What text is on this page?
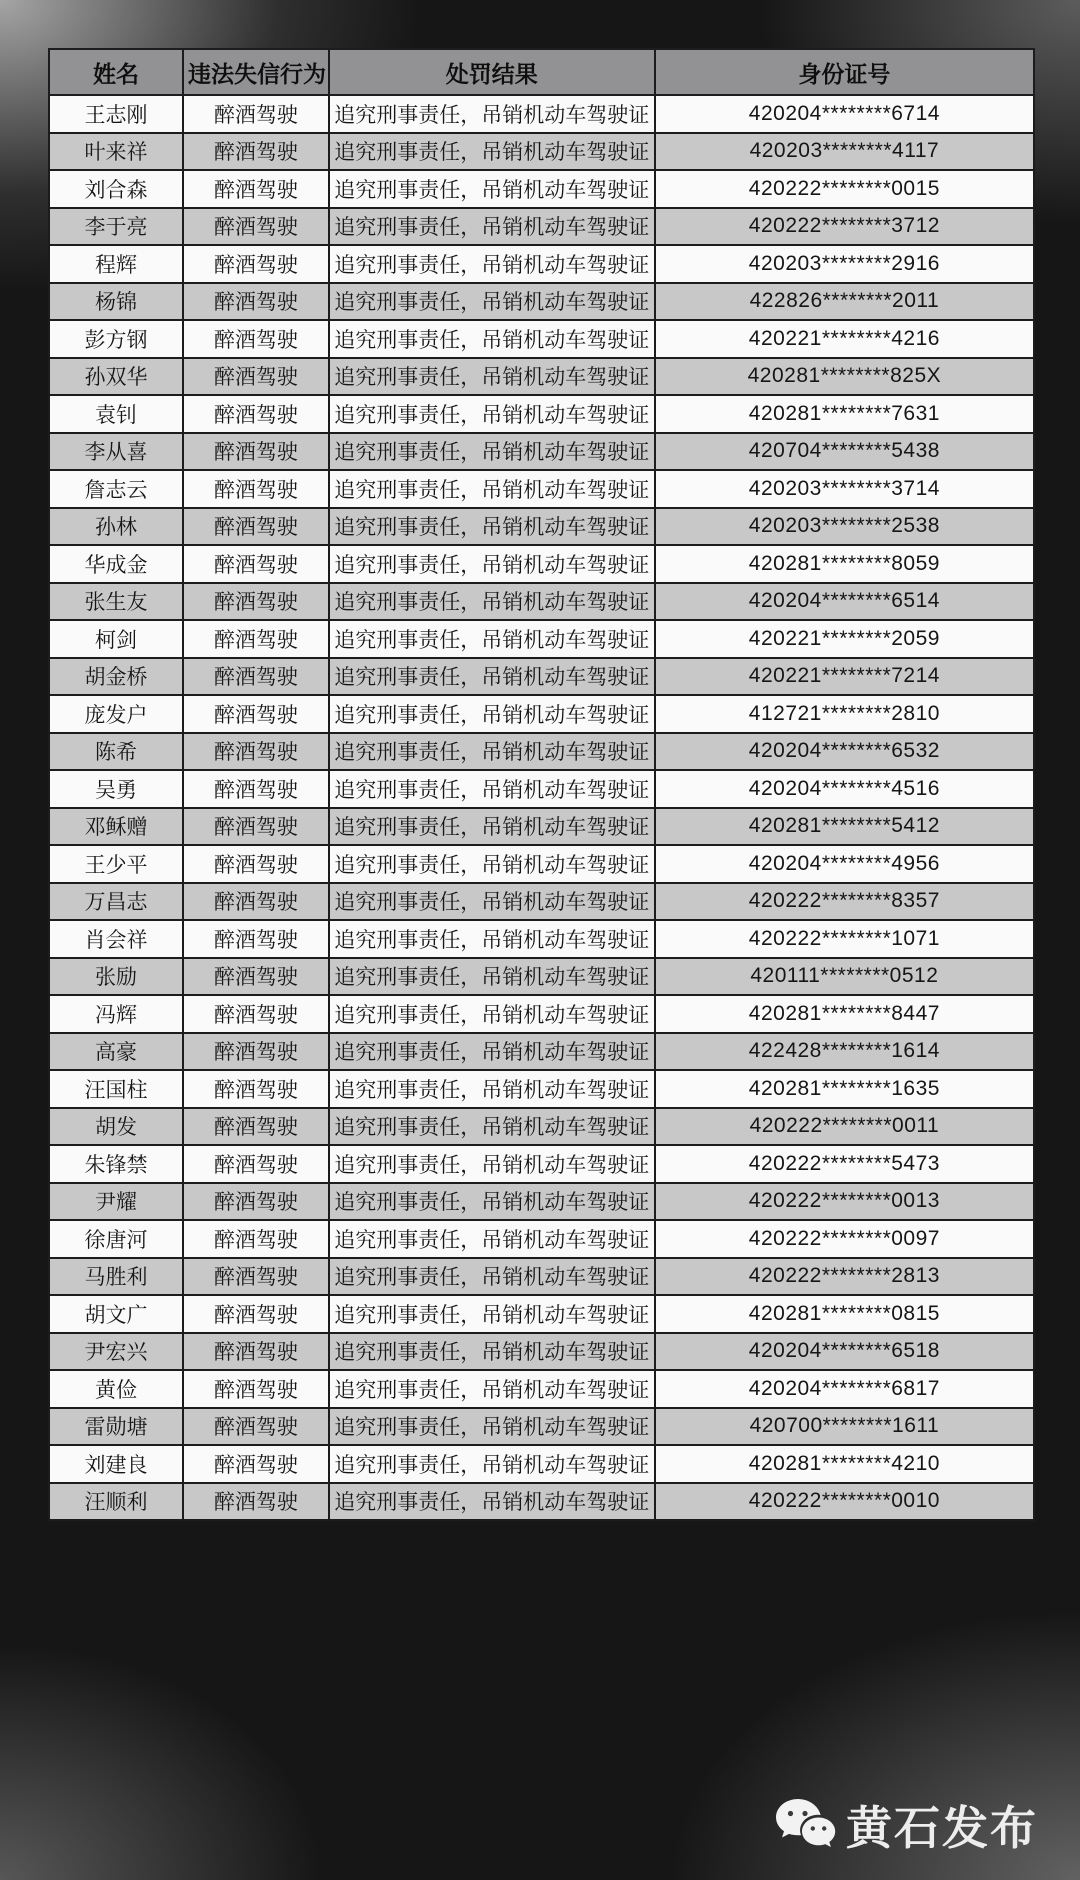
姓名	违法失信行为	处罚结果	身份证号
王志刚	醉酒驾驶	追究刑事责任，吊销机动车驾驶证	420204********6714
叶来祥	醉酒驾驶	追究刑事责任，吊销机动车驾驶证	420203********4117
刘合森	醉酒驾驶	追究刑事责任，吊销机动车驾驶证	420222********0015
李于亮	醉酒驾驶	追究刑事责任，吊销机动车驾驶证	420222********3712
程辉	醉酒驾驶	追究刑事责任，吊销机动车驾驶证	420203********2916
杨锦	醉酒驾驶	追究刑事责任，吊销机动车驾驶证	422826********2011
彭方钢	醉酒驾驶	追究刑事责任，吊销机动车驾驶证	420221********4216
孙双华	醉酒驾驶	追究刑事责任，吊销机动车驾驶证	420281********825X
袁钊	醉酒驾驶	追究刑事责任，吊销机动车驾驶证	420281********7631
李从喜	醉酒驾驶	追究刑事责任，吊销机动车驾驶证	420704********5438
詹志云	醉酒驾驶	追究刑事责任，吊销机动车驾驶证	420203********3714
孙林	醉酒驾驶	追究刑事责任，吊销机动车驾驶证	420203********2538
华成金	醉酒驾驶	追究刑事责任，吊销机动车驾驶证	420281********8059
张生友	醉酒驾驶	追究刑事责任，吊销机动车驾驶证	420204********6514
柯剑	醉酒驾驶	追究刑事责任，吊销机动车驾驶证	420221********2059
胡金桥	醉酒驾驶	追究刑事责任，吊销机动车驾驶证	420221********7214
庞发户	醉酒驾驶	追究刑事责任，吊销机动车驾驶证	412721********2810
陈希	醉酒驾驶	追究刑事责任，吊销机动车驾驶证	420204********6532
吴勇	醉酒驾驶	追究刑事责任，吊销机动车驾驶证	420204********4516
邓稣赠	醉酒驾驶	追究刑事责任，吊销机动车驾驶证	420281********5412
王少平	醉酒驾驶	追究刑事责任，吊销机动车驾驶证	420204********4956
万昌志	醉酒驾驶	追究刑事责任，吊销机动车驾驶证	420222********8357
肖会祥	醉酒驾驶	追究刑事责任，吊销机动车驾驶证	420222********1071
张励	醉酒驾驶	追究刑事责任，吊销机动车驾驶证	420111********0512
冯辉	醉酒驾驶	追究刑事责任，吊销机动车驾驶证	420281********8447
高豪	醉酒驾驶	追究刑事责任，吊销机动车驾驶证	422428********1614
汪国柱	醉酒驾驶	追究刑事责任，吊销机动车驾驶证	420281********1635
胡发	醉酒驾驶	追究刑事责任，吊销机动车驾驶证	420222********0011
朱锋禁	醉酒驾驶	追究刑事责任，吊销机动车驾驶证	420222********5473
尹耀	醉酒驾驶	追究刑事责任，吊销机动车驾驶证	420222********0013
徐唐河	醉酒驾驶	追究刑事责任，吊销机动车驾驶证	420222********0097
马胜利	醉酒驾驶	追究刑事责任，吊销机动车驾驶证	420222********2813
胡文广	醉酒驾驶	追究刑事责任，吊销机动车驾驶证	420281********0815
尹宏兴	醉酒驾驶	追究刑事责任，吊销机动车驾驶证	420204********6518
黄俭	醉酒驾驶	追究刑事责任，吊销机动车驾驶证	420204********6817
雷勋塘	醉酒驾驶	追究刑事责任，吊销机动车驾驶证	420700********1611
刘建良	醉酒驾驶	追究刑事责任，吊销机动车驾驶证	420281********4210
汪顺利	醉酒驾驶	追究刑事责任，吊销机动车驾驶证	420222********0010
黄石发布
